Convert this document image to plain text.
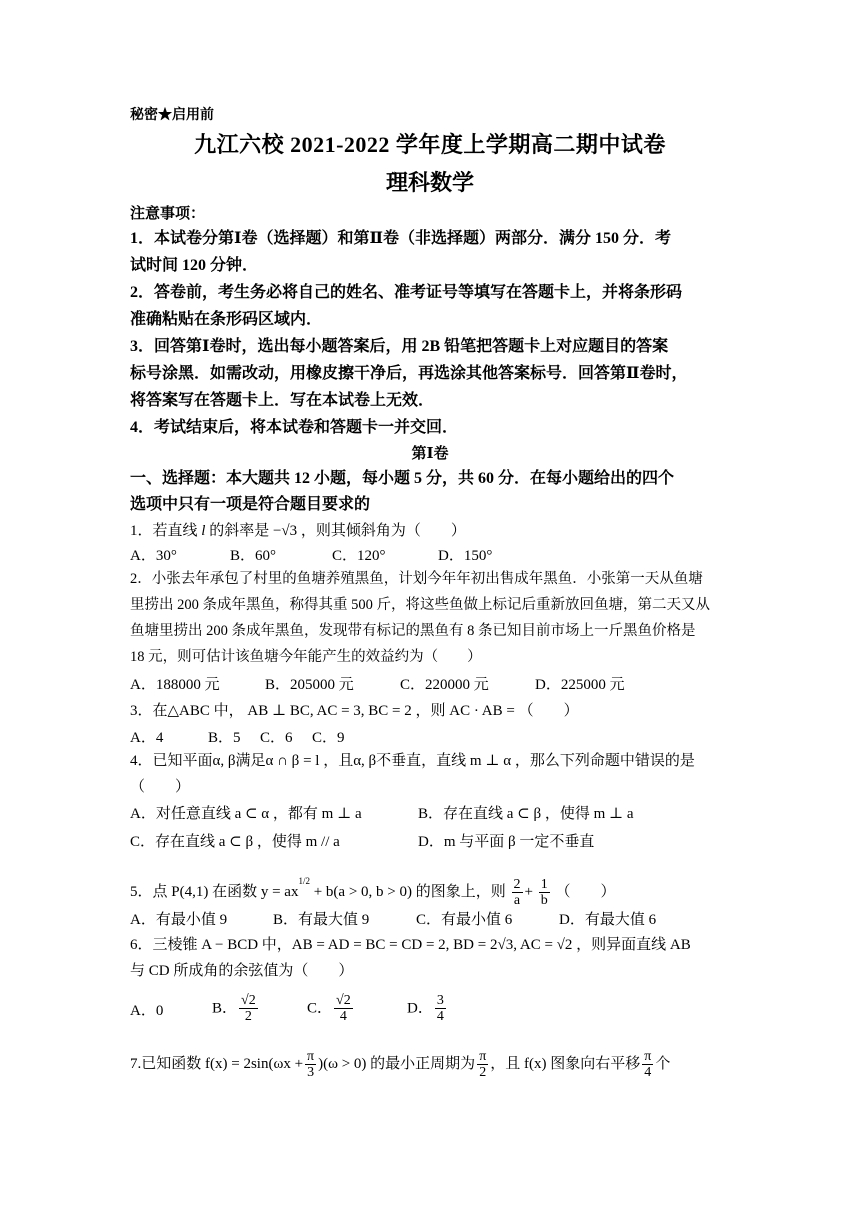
秘密★启用前
九江六校 2021-2022 学年度上学期高二期中试卷
理科数学
注意事项：
1．本试卷分第Ⅰ卷（选择题）和第Ⅱ卷（非选择题）两部分．满分 150 分．考
试时间 120 分钟．
2．答卷前，考生务必将自己的姓名、准考证号等填写在答题卡上，并将条形码
准确粘贴在条形码区域内．
3．回答第Ⅰ卷时，选出每小题答案后，用 2B 铅笔把答题卡上对应题目的答案
标号涂黑．如需改动，用橡皮擦干净后，再选涂其他答案标号．回答第Ⅱ卷时，
将答案写在答题卡上．写在本试卷上无效．
4．考试结束后，将本试卷和答题卡一并交回．
第Ⅰ卷
一、选择题：本大题共 12 小题，每小题 5 分，共 60 分．在每小题给出的四个
选项中只有一项是符合题目要求的
1．若直线 l 的斜率是 −√3 ，则其倾斜角为（　　）
A．30°	B．60°	C．120°	D．150°
2．小张去年承包了村里的鱼塘养殖黑鱼，计划今年年初出售成年黑鱼．小张第一天从鱼塘
里捞出 200 条成年黑鱼，称得其重 500 斤，将这些鱼做上标记后重新放回鱼塘，第二天又从
鱼塘里捞出 200 条成年黑鱼，发现带有标记的黑鱼有 8 条已知目前市场上一斤黑鱼价格是
18 元，则可估计该鱼塘今年能产生的效益约为（　　）
A．188000 元	B．205000 元	C．220000 元	D．225000 元
3．在△ABC 中， AB ⊥ BC, AC = 3, BC = 2 ，则 AC · AB = （　　）
A．4	B．5	C．6	C．9
4．已知平面α, β满足α ∩ β = l ，且α, β不垂直，直线 m ⊥ α ，那么下列命题中错误的是
（　　）
A．对任意直线 a ⊂ α ，都有 m ⊥ a	B．存在直线 a ⊂ β ，使得 m ⊥ a
C．存在直线 a ⊂ β ，使得 m // a	D．m 与平面 β 一定不垂直
5．点 P(4,1) 在函数 $y = ax^{1/2} + b(a > 0$, b > 0) 的图象上，则 $\frac{2}{a} + \frac{1}{b}$ （　　）
A．有最小值 9	B．有最大值 9	C．有最小值 6	D．有最大值 6
6．三棱锥 A − BCD 中，AB = AD = BC = CD = 2, BD = 2√3, AC = √2 ，则异面直线 AB
与 CD 所成角的余弦值为（　　）
A．0	B． $\frac{√2}{2}$	C． $\frac{√2}{4}$	D． $\frac{3}{4}$
7.已知函数 $f(x) = 2\sin(\omega x + \frac{\pi}{3} )(\omega > 0)$ 的最小正周期为 $\frac{\pi}{2}$ ，且 f(x) 图象向右平移 $\frac{\pi}{4}$ 个
